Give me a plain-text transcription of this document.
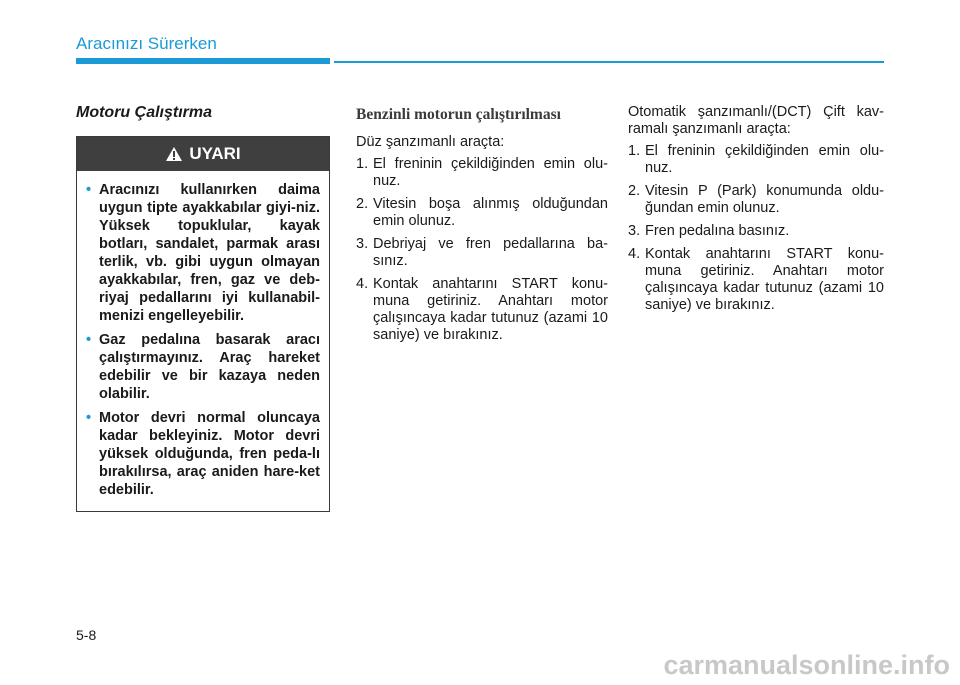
Aracınızı Sürerken
Motoru Çalıştırma
UYARI
• Aracınızı kullanırken daima uygun tipte ayakkabılar giyi-niz. Yüksek topuklular, kayak botları, sandalet, parmak arası terlik, vb. gibi uygun olmayan ayakkabılar, fren, gaz ve deb-riyaj pedallarını iyi kullanabil-menizi engelleyebilir.
• Gaz pedalına basarak aracı çalıştırmayınız. Araç hareket edebilir ve bir kazaya neden olabilir.
• Motor devri normal oluncaya kadar bekleyiniz. Motor devri yüksek olduğunda, fren peda-lı bırakılırsa, araç aniden hare-ket edebilir.
Benzinli motorun çalıştırılması

Düz şanzımanlı araçta:

1. El freninin çekildiğinden emin olu-nuz.
2. Vitesin boşa alınmış olduğundan emin olunuz.
3. Debriyaj ve fren pedallarına ba-sınız.
4. Kontak anahtarını START konu-muna getiriniz. Anahtarı motor çalışıncaya kadar tutunuz (azami 10 saniye) ve bırakınız.

Otomatik şanzımanlı/(DCT) Çift kav-ramalı şanzımanlı araçta:

1. El freninin çekildiğinden emin olu-nuz.
2. Vitesin P (Park) konumunda oldu-ğundan emin olunuz.
3. Fren pedalına basınız.
4. Kontak anahtarını START konu-muna getiriniz. Anahtarı motor çalışıncaya kadar tutunuz (azami 10 saniye) ve bırakınız.
5-8
carmanualsonline.info
